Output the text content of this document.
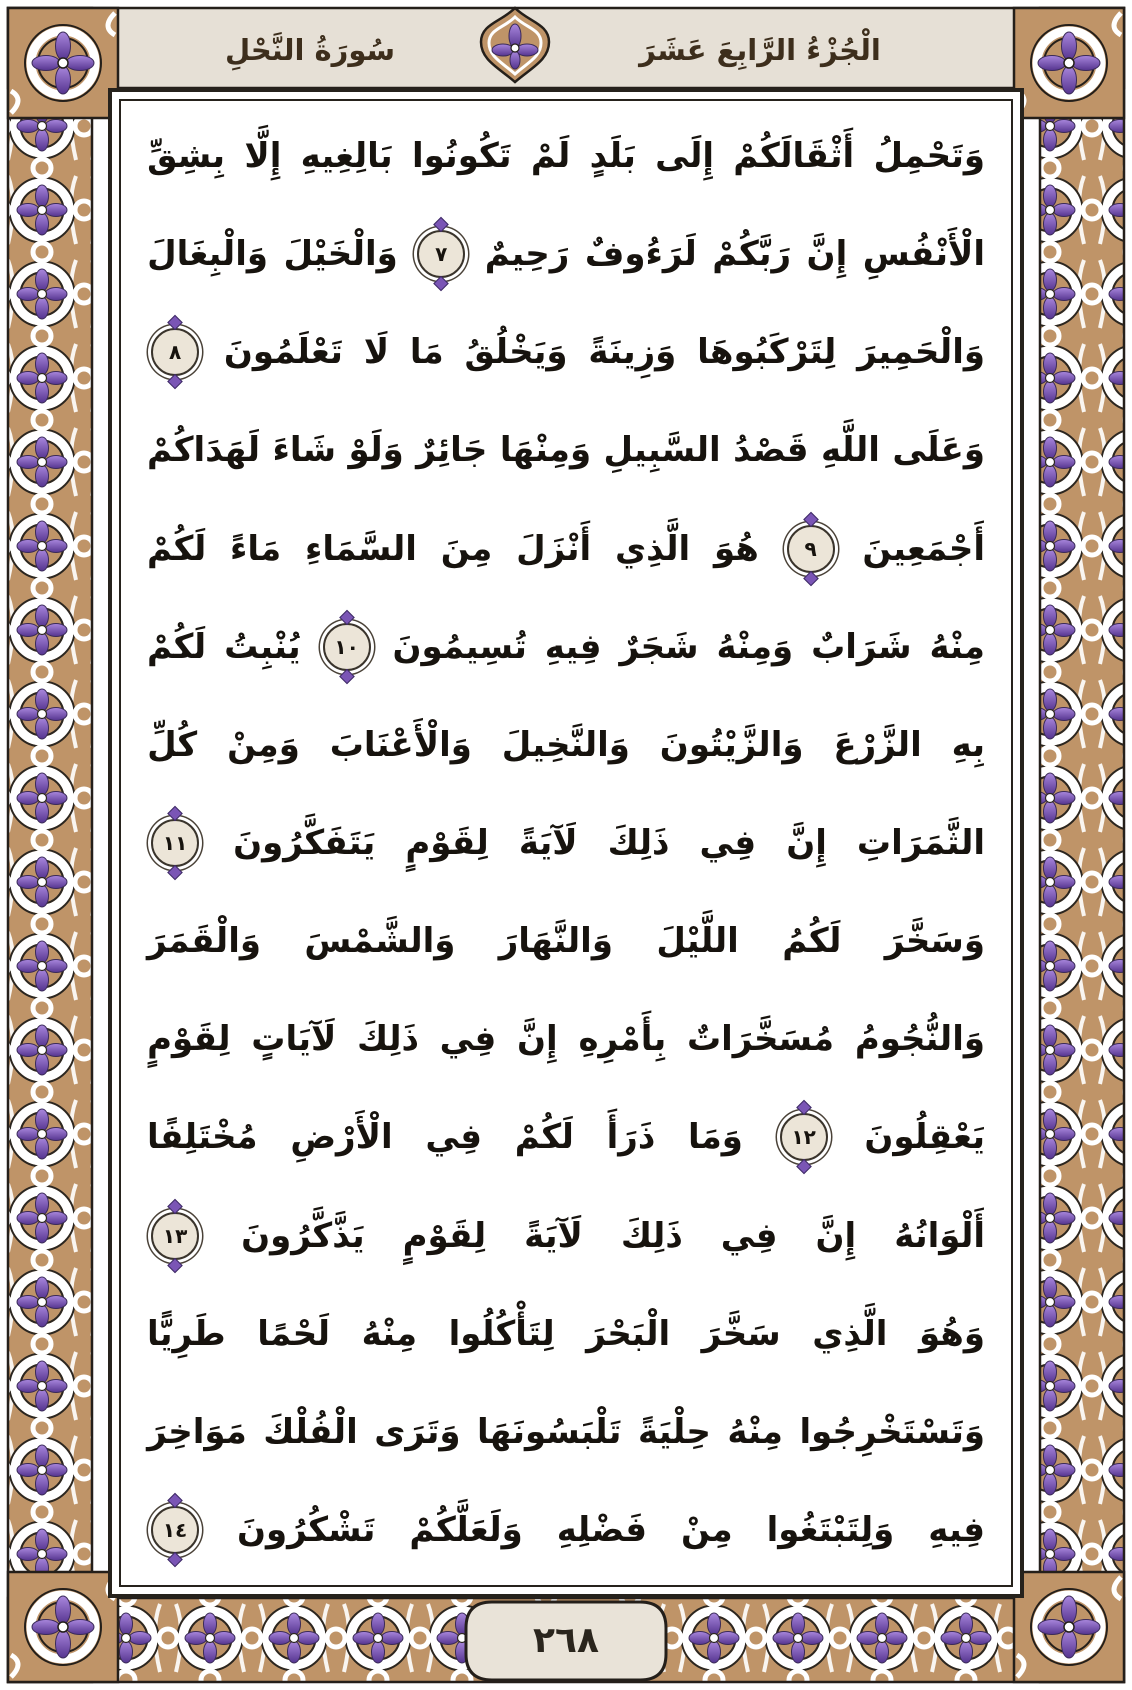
الْجُزْءُ الرَّابِعَ عَشَرَ
سُورَةُ النَّحْلِ
وَتَحْمِلُ
أَثْقَالَكُمْ
إِلَى
بَلَدٍ
لَمْ
تَكُونُوا
بَالِغِيهِ
إِلَّا
بِشِقِّ
الْأَنْفُسِ
إِنَّ
رَبَّكُمْ
لَرَءُوفٌ
رَحِيمٌ
٧
وَالْخَيْلَ
وَالْبِغَالَ
وَالْحَمِيرَ
لِتَرْكَبُوهَا
وَزِينَةً
وَيَخْلُقُ
مَا
لَا
تَعْلَمُونَ
٨
وَعَلَى
اللَّهِ
قَصْدُ
السَّبِيلِ
وَمِنْهَا
جَائِرٌ
وَلَوْ
شَاءَ
لَهَدَاكُمْ
أَجْمَعِينَ
٩
هُوَ
الَّذِي
أَنْزَلَ
مِنَ
السَّمَاءِ
مَاءً
لَكُمْ
مِنْهُ
شَرَابٌ
وَمِنْهُ
شَجَرٌ
فِيهِ
تُسِيمُونَ
١٠
يُنْبِتُ
لَكُمْ
بِهِ
الزَّرْعَ
وَالزَّيْتُونَ
وَالنَّخِيلَ
وَالْأَعْنَابَ
وَمِنْ
كُلِّ
الثَّمَرَاتِ
إِنَّ
فِي
ذَلِكَ
لَآيَةً
لِقَوْمٍ
يَتَفَكَّرُونَ
١١
وَسَخَّرَ
لَكُمُ
اللَّيْلَ
وَالنَّهَارَ
وَالشَّمْسَ
وَالْقَمَرَ
وَالنُّجُومُ
مُسَخَّرَاتٌ
بِأَمْرِهِ
إِنَّ
فِي
ذَلِكَ
لَآيَاتٍ
لِقَوْمٍ
يَعْقِلُونَ
١٢
وَمَا
ذَرَأَ
لَكُمْ
فِي
الْأَرْضِ
مُخْتَلِفًا
أَلْوَانُهُ
إِنَّ
فِي
ذَلِكَ
لَآيَةً
لِقَوْمٍ
يَذَّكَّرُونَ
١٣
وَهُوَ
الَّذِي
سَخَّرَ
الْبَحْرَ
لِتَأْكُلُوا
مِنْهُ
لَحْمًا
طَرِيًّا
وَتَسْتَخْرِجُوا
مِنْهُ
حِلْيَةً
تَلْبَسُونَهَا
وَتَرَى
الْفُلْكَ
مَوَاخِرَ
فِيهِ
وَلِتَبْتَغُوا
مِنْ
فَضْلِهِ
وَلَعَلَّكُمْ
تَشْكُرُونَ
١٤
٢٦٨
